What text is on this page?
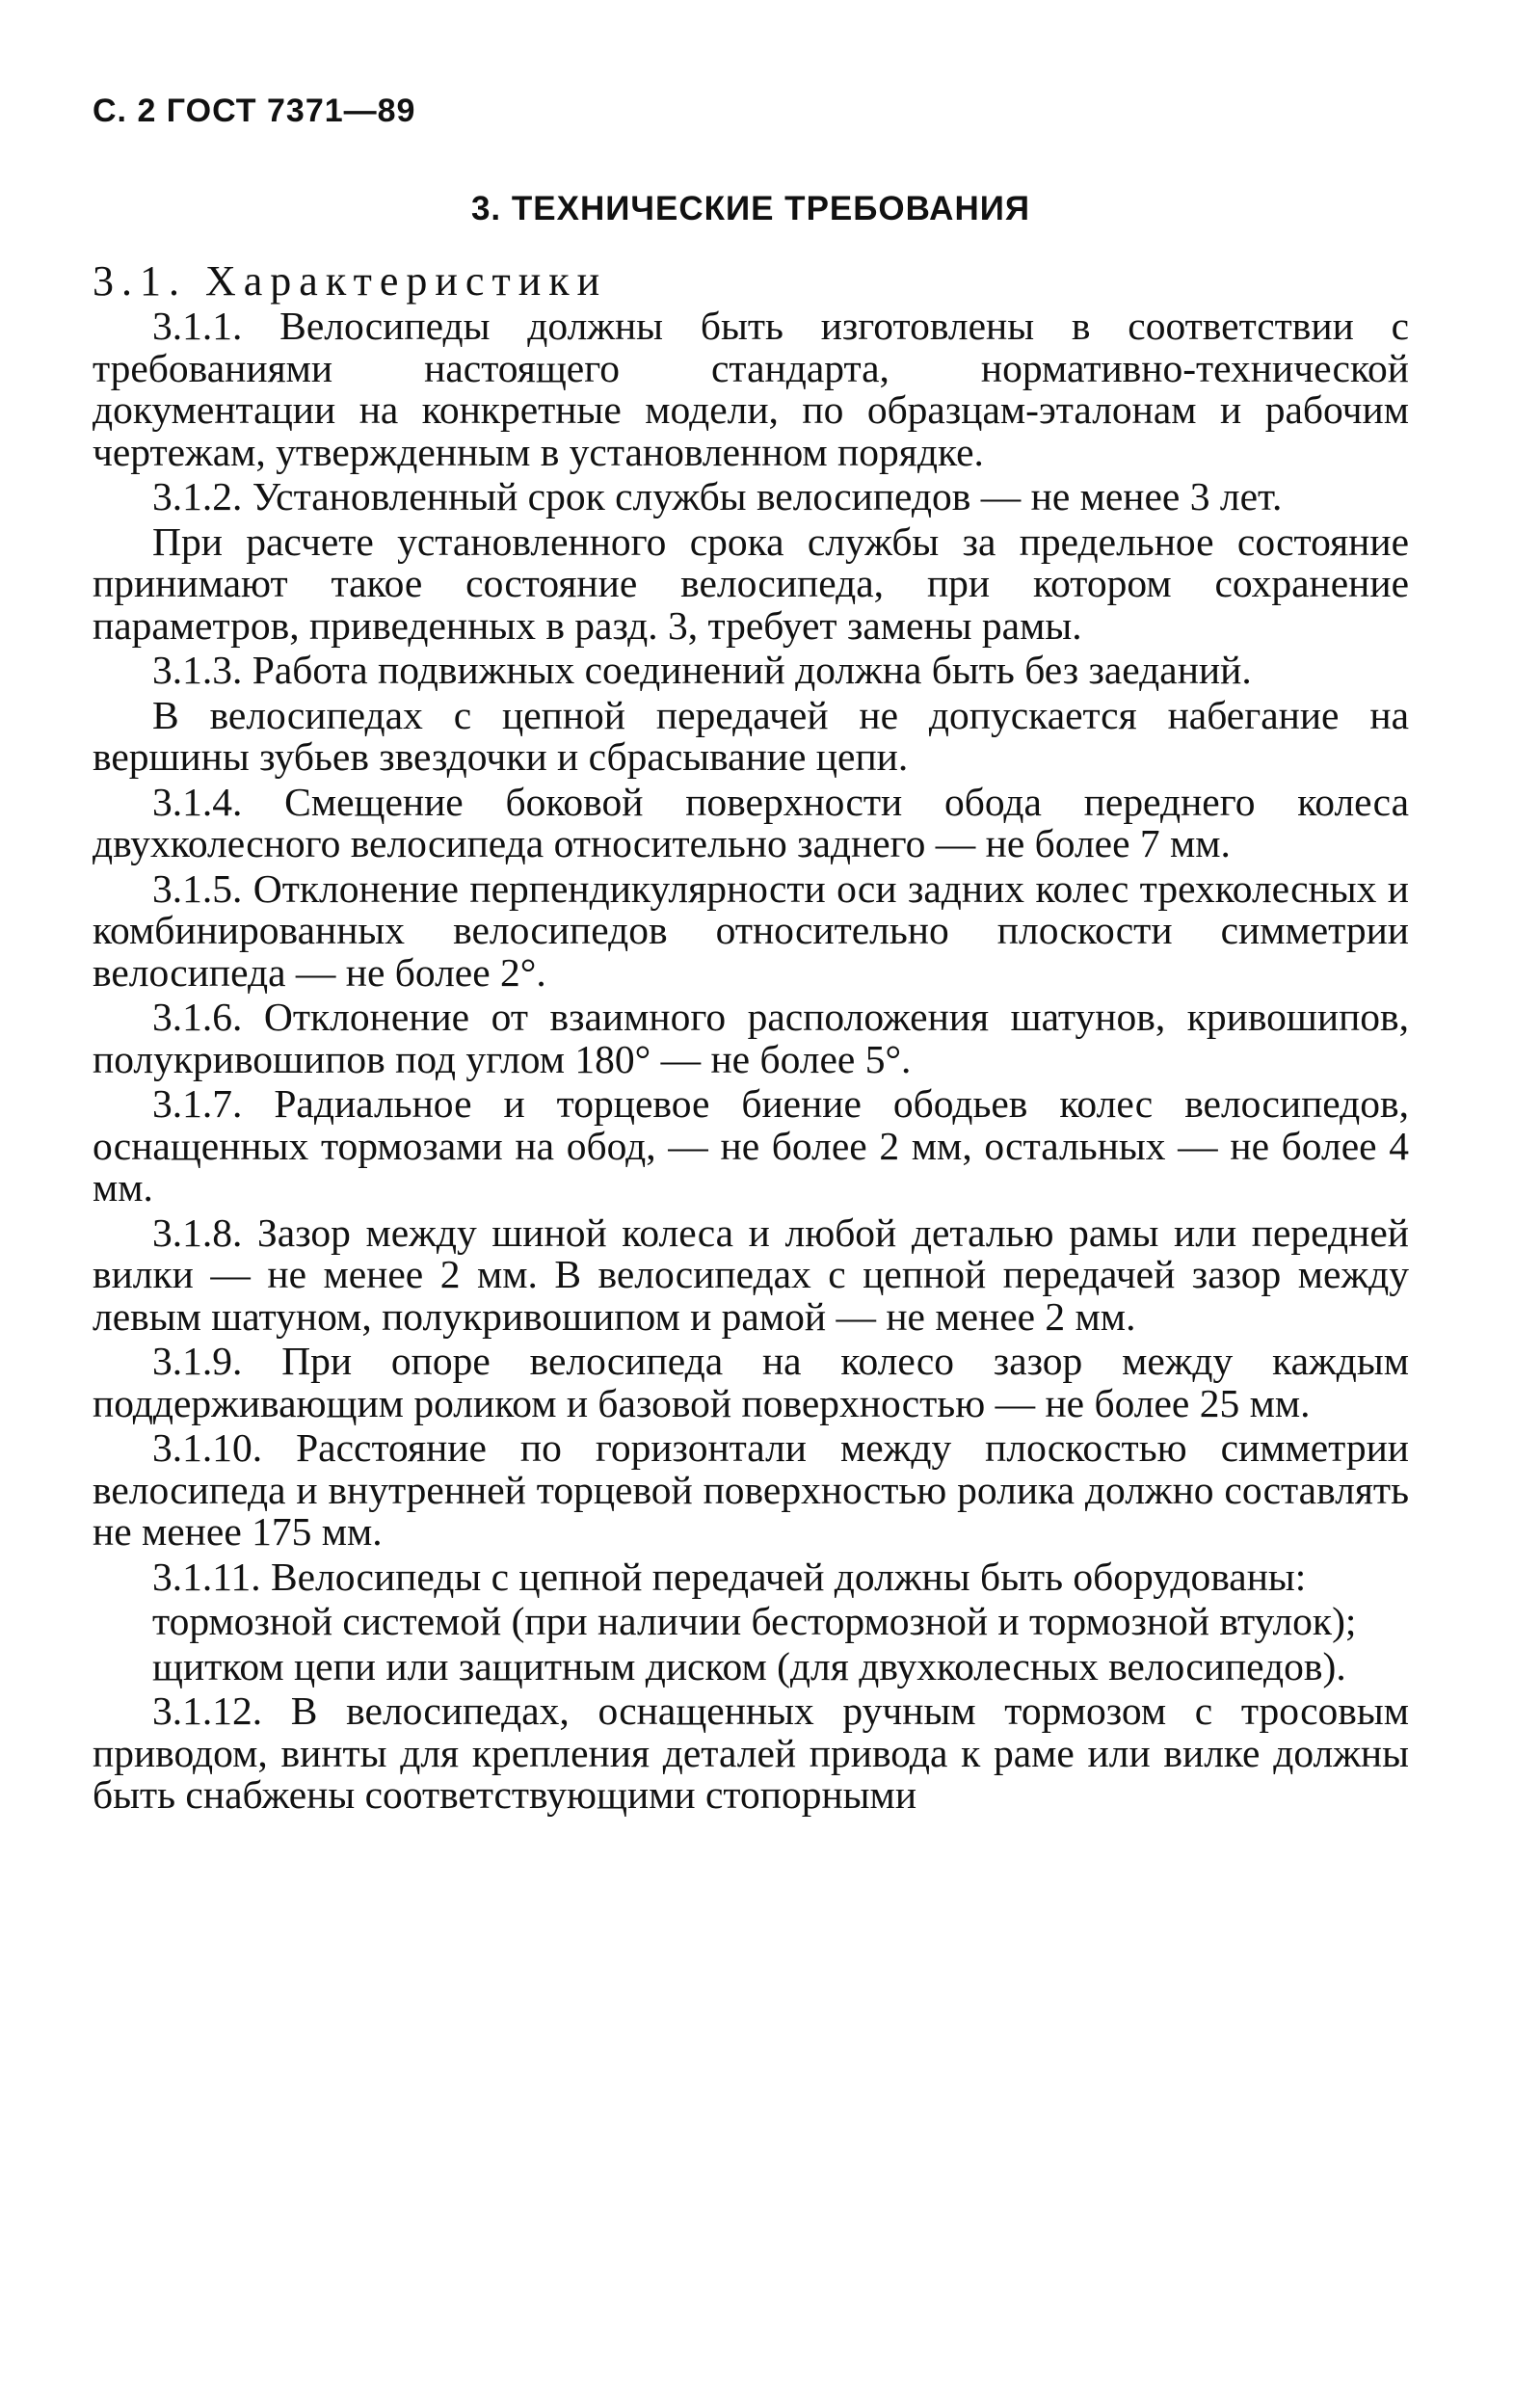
С. 2 ГОСТ 7371—89
3. ТЕХНИЧЕСКИЕ ТРЕБОВАНИЯ
3.1. Характеристики

3.1.1. Велосипеды должны быть изготовлены в соответствии с требованиями настоящего стандарта, нормативно-технической документации на конкретные модели, по образцам-эталонам и рабочим чертежам, утвержденным в установленном порядке.

3.1.2. Установленный срок службы велосипедов — не менее 3 лет.

При расчете установленного срока службы за предельное состояние принимают такое состояние велосипеда, при котором сохранение параметров, приведенных в разд. 3, требует замены рамы.

3.1.3. Работа подвижных соединений должна быть без заеданий.

В велосипедах с цепной передачей не допускается набегание на вершины зубьев звездочки и сбрасывание цепи.

3.1.4. Смещение боковой поверхности обода переднего колеса двухколесного велосипеда относительно заднего — не более 7 мм.

3.1.5. Отклонение перпендикулярности оси задних колес трехколесных и комбинированных велосипедов относительно плоскости симметрии велосипеда — не более 2°.

3.1.6. Отклонение от взаимного расположения шатунов, кривошипов, полукривошипов под углом 180° — не более 5°.

3.1.7. Радиальное и торцевое биение ободьев колес велосипедов, оснащенных тормозами на обод, — не более 2 мм, остальных — не более 4 мм.

3.1.8. Зазор между шиной колеса и любой деталью рамы или передней вилки — не менее 2 мм. В велосипедах с цепной передачей зазор между левым шатуном, полукривошипом и рамой — не менее 2 мм.

3.1.9. При опоре велосипеда на колесо зазор между каждым поддерживающим роликом и базовой поверхностью — не более 25 мм.

3.1.10. Расстояние по горизонтали между плоскостью симметрии велосипеда и внутренней торцевой поверхностью ролика должно составлять не менее 175 мм.

3.1.11. Велосипеды с цепной передачей должны быть оборудованы:

тормозной системой (при наличии бестормозной и тормозной втулок);

щитком цепи или защитным диском (для двухколесных велосипедов).

3.1.12. В велосипедах, оснащенных ручным тормозом с тросовым приводом, винты для крепления деталей привода к раме или вилке должны быть снабжены соответствующими стопорными
